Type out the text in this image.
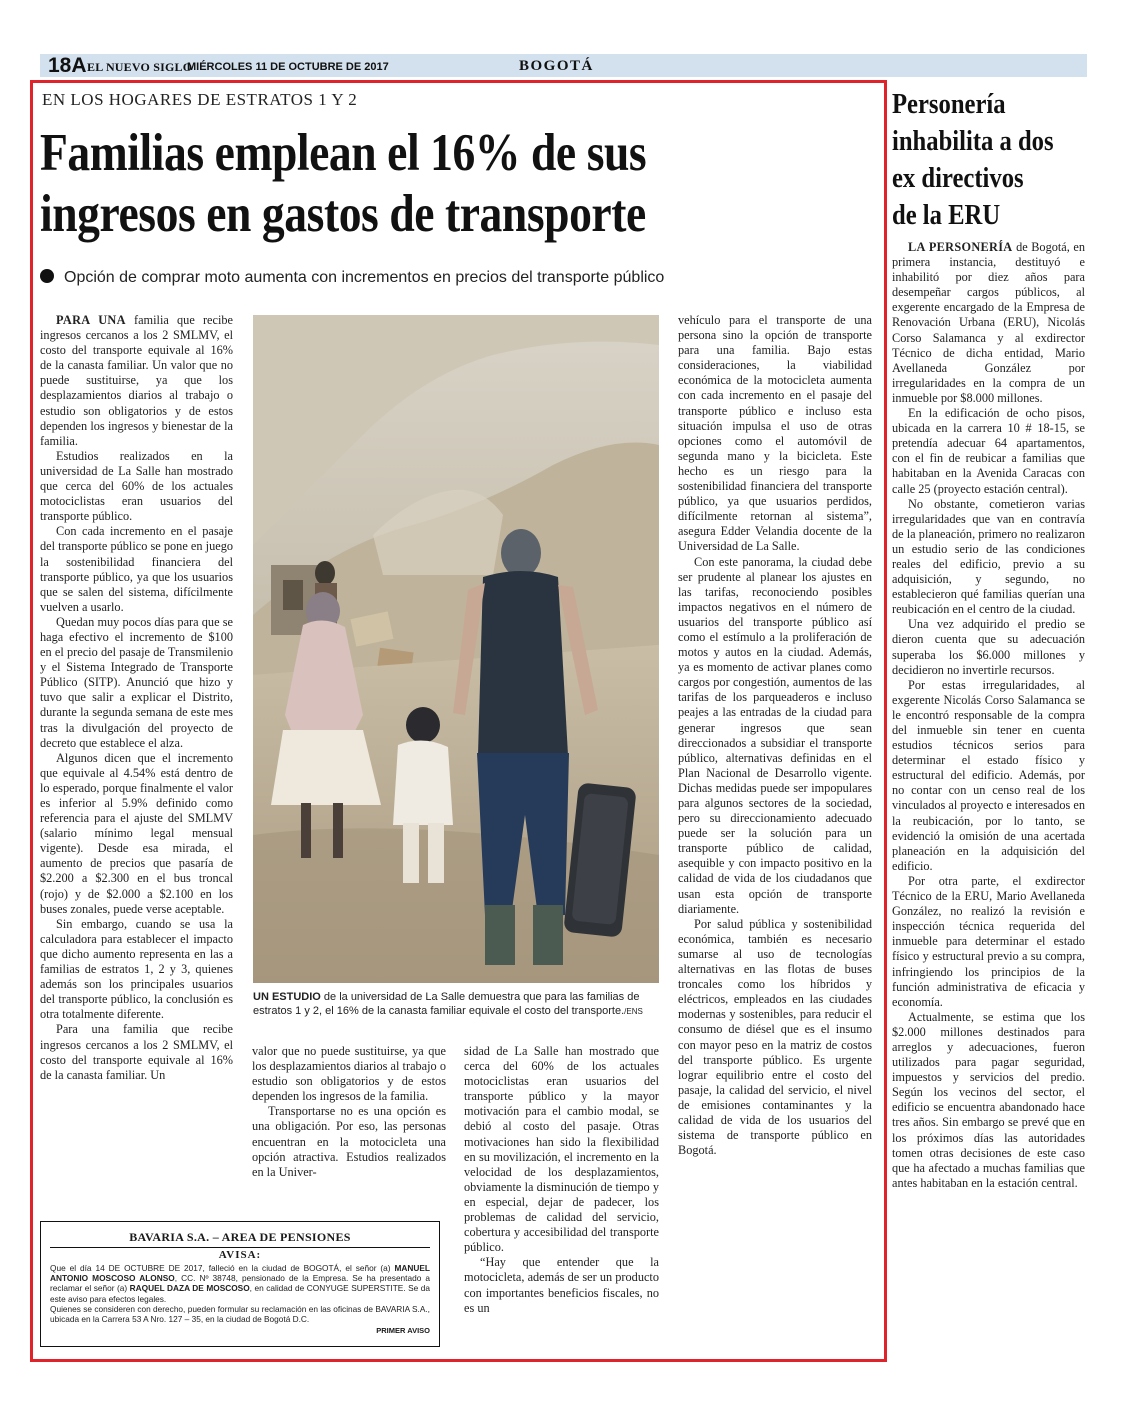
18A EL NUEVO SIGLO
MIÉRCOLES 11 DE OCTUBRE DE 2017	BOGOTÁ
EN LOS HOGARES DE ESTRATOS 1 Y 2
Familias emplean el 16% de sus
ingresos en gastos de transporte
Opción de comprar moto aumenta con incrementos en precios del transporte público

PARA UNA familia que recibe ingresos cercanos a los 2 SMLMV, el costo del transporte equivale al 16% de la canasta familiar. Un valor que no puede sustituirse, ya que los desplazamientos diarios al trabajo o estudio son obligatorios y de estos dependen los ingresos y bienestar de la familia.

Estudios realizados en la universidad de La Salle han mostrado que cerca del 60% de los actuales motociclistas eran usuarios del transporte público.

Con cada incremento en el pasaje del transporte público se pone en juego la sostenibilidad financiera del transporte público, ya que los usuarios que se salen del sistema, difícilmente vuelven a usarlo.

Quedan muy pocos días para que se haga efectivo el incremento de $100 en el precio del pasaje de Transmilenio y el Sistema Integrado de Transporte Público (SITP). Anunció que hizo y tuvo que salir a explicar el Distrito, durante la segunda semana de este mes tras la divulgación del proyecto de decreto que establece el alza.

Algunos dicen que el incremento que equivale al 4.54% está dentro de lo esperado, porque finalmente el valor es inferior al 5.9% definido como referencia para el ajuste del SMLMV (salario mínimo legal mensual vigente). Desde esa mirada, el aumento de precios que pasaría de $2.200 a $2.300 en el bus troncal (rojo) y de $2.000 a $2.100 en los buses zonales, puede verse aceptable.

Sin embargo, cuando se usa la calculadora para establecer el impacto que dicho aumento representa en las a familias de estratos 1, 2 y 3, quienes además son los principales usuarios del transporte público, la conclusión es otra totalmente diferente.

Para una familia que recibe ingresos cercanos a los 2 SMLMV, el costo del transporte equivale al 16% de la canasta familiar. Un

UN ESTUDIO de la universidad de La Salle demuestra que para las familias de estratos 1 y 2, el 16% de la canasta familiar equivale el costo del transporte./ENS

valor que no puede sustituirse, ya que los desplazamientos diarios al trabajo o estudio son obligatorios y de estos dependen los ingresos de la familia.

Transportarse no es una opción es una obligación. Por eso, las personas encuentran en la motocicleta una opción atractiva. Estudios realizados en la Univer-

sidad de La Salle han mostrado que cerca del 60% de los actuales motociclistas eran usuarios del transporte público y la mayor motivación para el cambio modal, se debió al costo del pasaje. Otras motivaciones han sido la flexibilidad en su movilización, el incremento en la velocidad de los desplazamientos, obviamente la disminución de tiempo y en especial, dejar de padecer, los problemas de calidad del servicio, cobertura y accesibilidad del transporte público.

“Hay que entender que la motocicleta, además de ser un producto con importantes beneficios fiscales, no es un

vehículo para el transporte de una persona sino la opción de transporte para una familia. Bajo estas consideraciones, la viabilidad económica de la motocicleta aumenta con cada incremento en el pasaje del transporte público e incluso esta situación impulsa el uso de otras opciones como el automóvil de segunda mano y la bicicleta. Este hecho es un riesgo para la sostenibilidad financiera del transporte público, ya que usuarios perdidos, difícilmente retornan al sistema”, asegura Edder Velandia docente de la Universidad de La Salle.

Con este panorama, la ciudad debe ser prudente al planear los ajustes en las tarifas, reconociendo posibles impactos negativos en el número de usuarios del transporte público así como el estímulo a la proliferación de motos y autos en la ciudad. Además, ya es momento de activar planes como cargos por congestión, aumentos de las tarifas de los parqueaderos e incluso peajes a las entradas de la ciudad para generar ingresos que sean direccionados a subsidiar el transporte público, alternativas definidas en el Plan Nacional de Desarrollo vigente. Dichas medidas puede ser impopulares para algunos sectores de la sociedad, pero su direccionamiento adecuado puede ser la solución para un transporte público de calidad, asequible y con impacto positivo en la calidad de vida de los ciudadanos que usan esta opción de transporte diariamente.

Por salud pública y sostenibilidad económica, también es necesario sumarse al uso de tecnologías alternativas en las flotas de buses troncales como los híbridos y eléctricos, empleados en las ciudades modernas y sostenibles, para reducir el consumo de diésel que es el insumo con mayor peso en la matriz de costos del transporte público. Es urgente lograr equilibrio entre el costo del pasaje, la calidad del servicio, el nivel de emisiones contaminantes y la calidad de vida de los usuarios del sistema de transporte público en Bogotá.

BAVARIA S.A. – AREA DE PENSIONES
AVISA:

Que el día 14 DE OCTUBRE DE 2017, falleció en la ciudad de BOGOTÁ, el señor (a) MANUEL ANTONIO MOSCOSO ALONSO, CC. Nº 38748, pensionado de la Empresa. Se ha presentado a reclamar el señor (a) RAQUEL DAZA DE MOSCOSO, en calidad de CONYUGE SUPERSTITE. Se da este aviso para efectos legales.

Quienes se consideren con derecho, pueden formular su reclamación en las oficinas de BAVARIA S.A., ubicada en la Carrera 53 A Nro. 127 – 35, en la ciudad de Bogotá D.C.

PRIMER AVISO
Personería
inhabilita a dos
ex directivos
de la ERU

LA PERSONERÍA de Bogotá, en primera instancia, destituyó e inhabilitó por diez años para desempeñar cargos públicos, al exgerente encargado de la Empresa de Renovación Urbana (ERU), Nicolás Corso Salamanca y al exdirector Técnico de dicha entidad, Mario Avellaneda González por irregularidades en la compra de un inmueble por $8.000 millones.

En la edificación de ocho pisos, ubicada en la carrera 10 # 18-15, se pretendía adecuar 64 apartamentos, con el fin de reubicar a familias que habitaban en la Avenida Caracas con calle 25 (proyecto estación central).

No obstante, cometieron varias irregularidades que van en contravía de la planeación, primero no realizaron un estudio serio de las condiciones reales del edificio, previo a su adquisición, y segundo, no establecieron qué familias querían una reubicación en el centro de la ciudad.

Una vez adquirido el predio se dieron cuenta que su adecuación superaba los $6.000 millones y decidieron no invertirle recursos.

Por estas irregularidades, al exgerente Nicolás Corso Salamanca se le encontró responsable de la compra del inmueble sin tener en cuenta estudios técnicos serios para determinar el estado físico y estructural del edificio. Además, por no contar con un censo real de los vinculados al proyecto e interesados en la reubicación, por lo tanto, se evidenció la omisión de una acertada planeación en la adquisición del edificio.

Por otra parte, el exdirector Técnico de la ERU, Mario Avellaneda González, no realizó la revisión e inspección técnica requerida del inmueble para determinar el estado físico y estructural previo a su compra, infringiendo los principios de la función administrativa de eficacia y economía.

Actualmente, se estima que los $2.000 millones destinados para arreglos y adecuaciones, fueron utilizados para pagar seguridad, impuestos y servicios del predio. Según los vecinos del sector, el edificio se encuentra abandonado hace tres años. Sin embargo se prevé que en los próximos días las autoridades tomen otras decisiones de este caso que ha afectado a muchas familias que antes habitaban en la estación central.
